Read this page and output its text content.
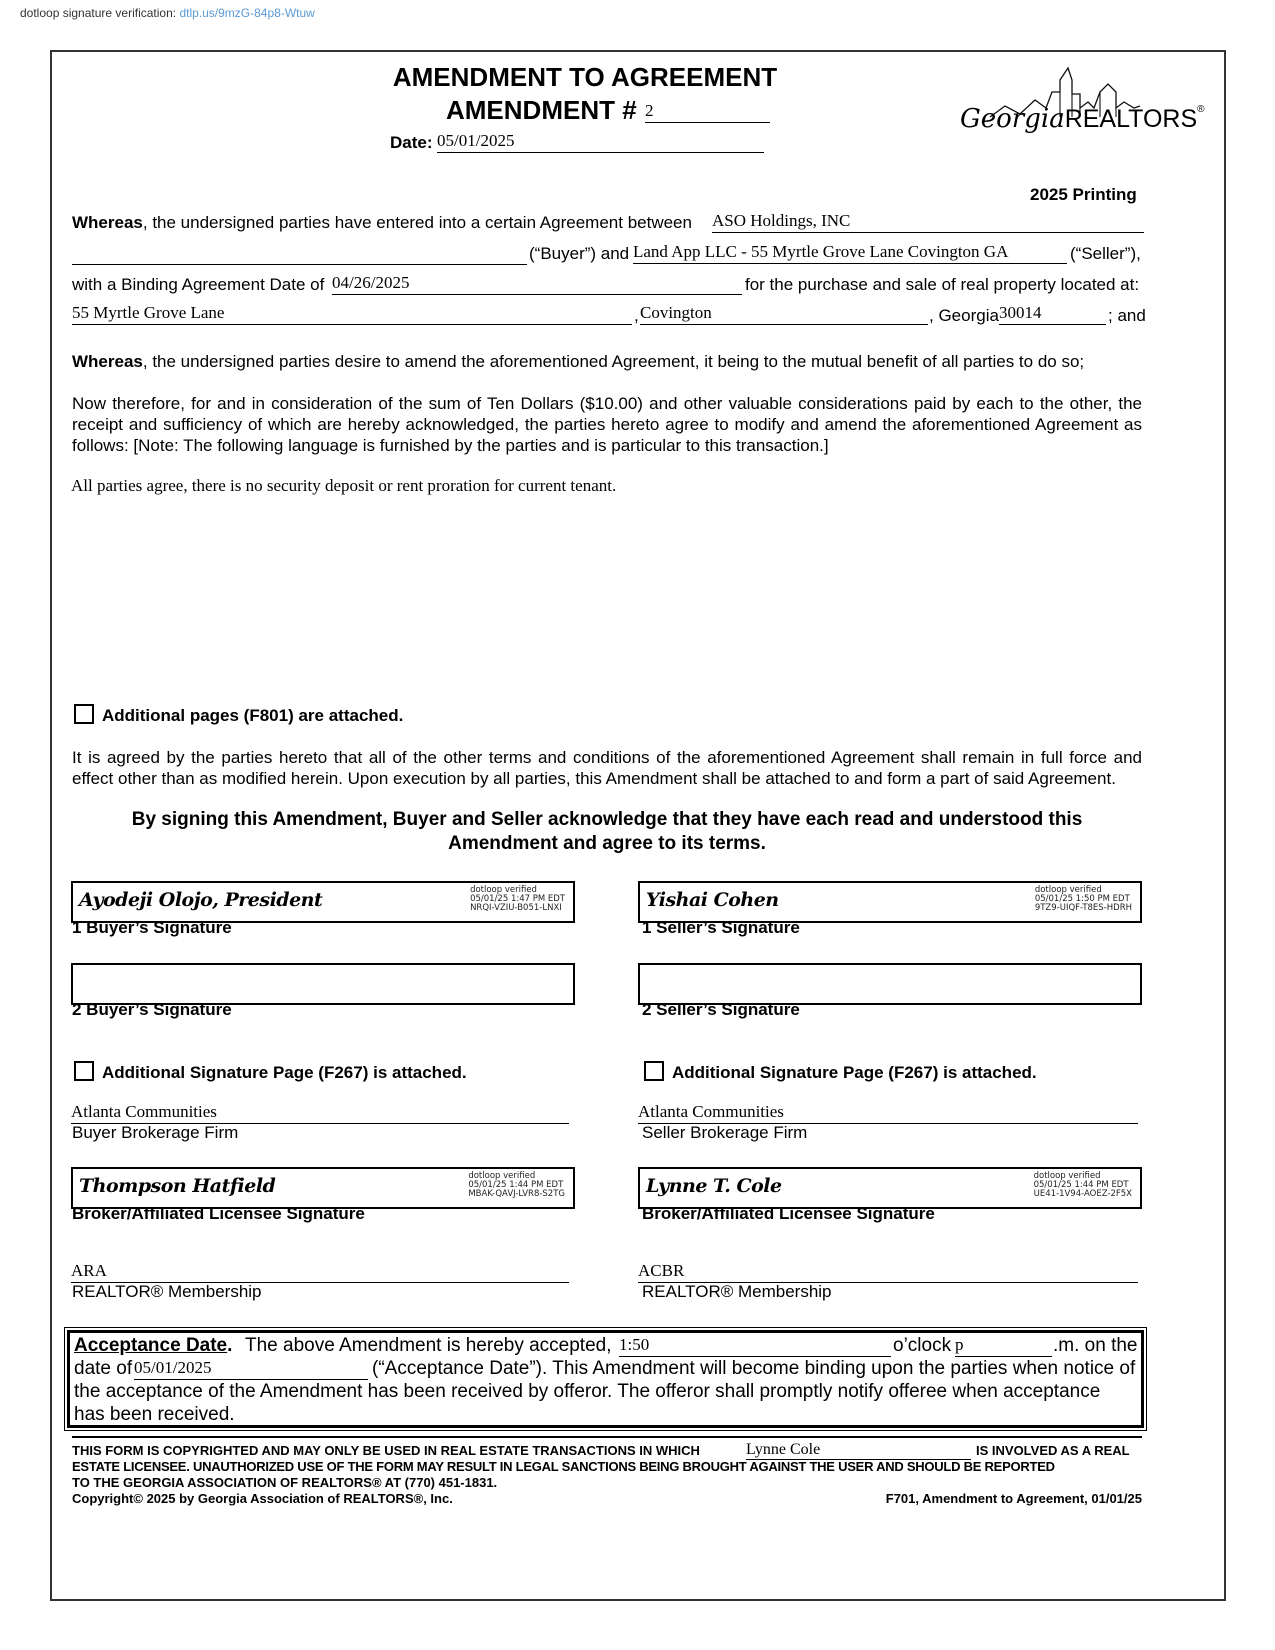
dotloop signature verification: dtlp.us/9mzG-84p8-Wtuw
AMENDMENT TO AGREEMENT
AMENDMENT # 2
Date: 05/01/2025
GeorgiaREALTORS®
2025 Printing
Whereas, the undersigned parties have entered into a certain Agreement between ASO Holdings, INC
(“Buyer”) and Land App LLC - 55 Myrtle Grove Lane Covington GA	(“Seller”),
with a Binding Agreement Date of 04/26/2025	for the purchase and sale of real property located at:
55 Myrtle Grove Lane	, Covington	, Georgia 30014	; and
Whereas, the undersigned parties desire to amend the aforementioned Agreement, it being to the mutual benefit of all parties to do so;
Now therefore, for and in consideration of the sum of Ten Dollars ($10.00) and other valuable considerations paid by each to the other, the receipt and sufficiency of which are hereby acknowledged, the parties hereto agree to modify and amend the aforementioned Agreement as follows: [Note: The following language is furnished by the parties and is particular to this transaction.]
All parties agree, there is no security deposit or rent proration for current tenant.
Additional pages (F801) are attached.
It is agreed by the parties hereto that all of the other terms and conditions of the aforementioned Agreement shall remain in full force and effect other than as modified herein. Upon execution by all parties, this Amendment shall be attached to and form a part of said Agreement.
By signing this Amendment, Buyer and Seller acknowledge that they have each read and understood this
Amendment and agree to its terms.
Ayodeji Olojo, President	dotloop verified
05/01/25 1:47 PM EDT
NRQI-VZIU-B051-LNXI
1 Buyer’s Signature
Yishai Cohen	dotloop verified
05/01/25 1:50 PM EDT
9TZ9-UIQF-T8ES-HDRH
1 Seller’s Signature
2 Buyer’s Signature	2 Seller’s Signature
Additional Signature Page (F267) is attached.	Additional Signature Page (F267) is attached.
Atlanta Communities
Buyer Brokerage Firm
Atlanta Communities
Seller Brokerage Firm
Thompson Hatfield	dotloop verified
05/01/25 1:44 PM EDT
MBAK-QAVJ-LVR8-S2TG
Broker/Affiliated Licensee Signature
Lynne T. Cole	dotloop verified
05/01/25 1:44 PM EDT
UE41-1V94-AOEZ-2F5X
Broker/Affiliated Licensee Signature
ARA
REALTOR® Membership
ACBR
REALTOR® Membership
Acceptance Date. The above Amendment is hereby accepted, 1:50	o’clock p	.m. on the
date of 05/01/2025	(“Acceptance Date”). This Amendment will become binding upon the parties when notice of
the acceptance of the Amendment has been received by offeror. The offeror shall promptly notify offeree when acceptance
has been received.
THIS FORM IS COPYRIGHTED AND MAY ONLY BE USED IN REAL ESTATE TRANSACTIONS IN WHICH	Lynne Cole	IS INVOLVED AS A REAL
ESTATE LICENSEE. UNAUTHORIZED USE OF THE FORM MAY RESULT IN LEGAL SANCTIONS BEING BROUGHT AGAINST THE USER AND SHOULD BE REPORTED
TO THE GEORGIA ASSOCIATION OF REALTORS® AT (770) 451-1831.
Copyright© 2025 by Georgia Association of REALTORS®, Inc.	F701, Amendment to Agreement, 01/01/25
